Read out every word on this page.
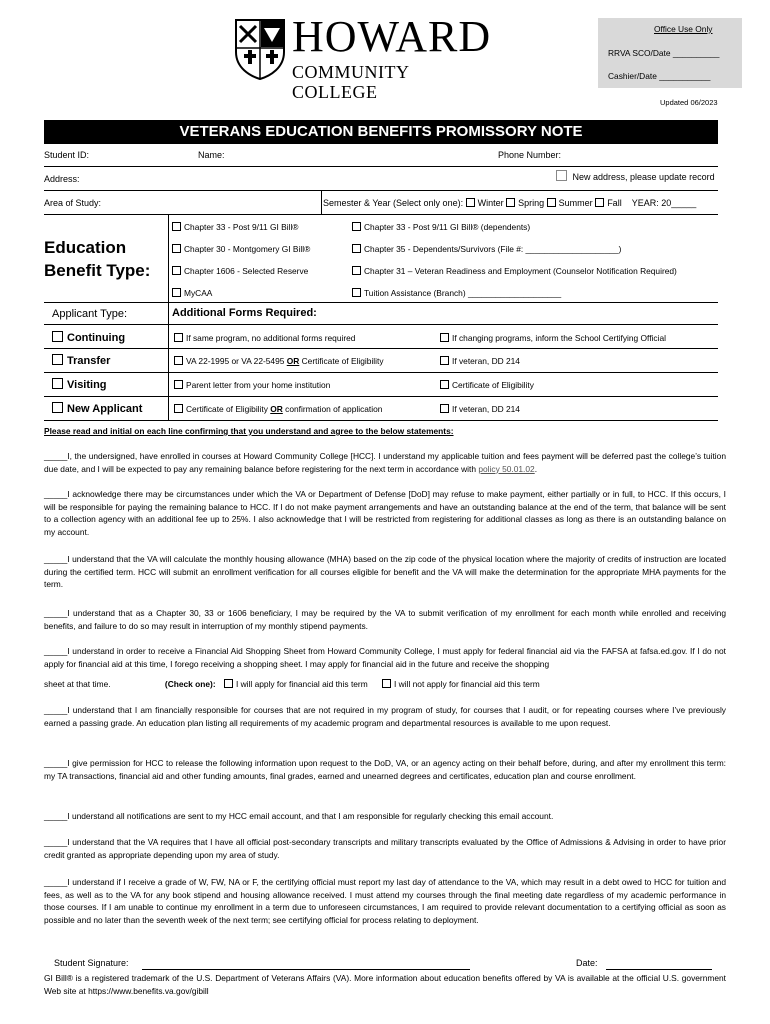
HOWARD
COMMUNITY COLLEGE
Office Use Only
RRVA SCO/Date __________
Cashier/Date ___________
Updated 06/2023
VETERANS EDUCATION BENEFITS PROMISSORY NOTE
Student ID:	Name:	Phone Number:
Address:	New address, please update record
Area of Study:	Semester & Year (Select only one): Winter Spring Summer Fall YEAR: 20_____
Education
Benefit Type:
Chapter 33 - Post 9/11 GI Bill®	Chapter 33 - Post 9/11 GI Bill® (dependents)
Chapter 30 - Montgomery GI Bill®	Chapter 35 - Dependents/Survivors (File #: ____________________)
Chapter 1606 - Selected Reserve	Chapter 31 – Veteran Readiness and Employment (Counselor Notification Required)
MyCAA	Tuition Assistance (Branch) ____________________
Applicant Type:	Additional Forms Required:
Continuing	If same program, no additional forms required	If changing programs, inform the School Certifying Official
Transfer	VA 22-1995 or VA 22-5495 OR Certificate of Eligibility	If veteran, DD 214
Visiting	Parent letter from your home institution	Certificate of Eligibility
New Applicant	Certificate of Eligibility OR confirmation of application	If veteran, DD 214
Please read and initial on each line confirming that you understand and agree to the below statements:
_____I, the undersigned, have enrolled in courses at Howard Community College [HCC]. I understand my applicable tuition and fees payment will be deferred past the college’s tuition due date, and I will be expected to pay any remaining balance before registering for the next term in accordance with policy 50.01.02.
_____I acknowledge there may be circumstances under which the VA or Department of Defense [DoD] may refuse to make payment, either partially or in full, to HCC. If this occurs, I will be responsible for paying the remaining balance to HCC. If I do not make payment arrangements and have an outstanding balance at the end of the term, that balance will be sent to a collection agency with an additional fee up to 25%. I also acknowledge that I will be restricted from registering for additional classes as long as there is an outstanding balance on my account.
_____I understand that the VA will calculate the monthly housing allowance (MHA) based on the zip code of the physical location where the majority of credits of instruction are located during the certified term. HCC will submit an enrollment verification for all courses eligible for benefit and the VA will make the determination for the appropriate MHA payments for the term.
_____I understand that as a Chapter 30, 33 or 1606 beneficiary, I may be required by the VA to submit verification of my enrollment for each month while enrolled and receiving benefits, and failure to do so may result in interruption of my monthly stipend payments.
_____I understand in order to receive a Financial Aid Shopping Sheet from Howard Community College, I must apply for federal financial aid via the FAFSA at fafsa.ed.gov. If I do not apply for financial aid at this time, I forego receiving a shopping sheet. I may apply for financial aid in the future and receive the shopping
sheet at that time.	(Check one): I will apply for financial aid this term	I will not apply for financial aid this term
_____I understand that I am financially responsible for courses that are not required in my program of study, for courses that I audit, or for repeating courses where I’ve previously earned a passing grade. An education plan listing all requirements of my academic program and departmental resources is available to me upon request.
_____I give permission for HCC to release the following information upon request to the DoD, VA, or an agency acting on their behalf before, during, and after my enrollment this term: my TA transactions, financial aid and other funding amounts, final grades, earned and unearned degrees and certificates, education plan and course enrollment.
_____I understand all notifications are sent to my HCC email account, and that I am responsible for regularly checking this email account.
_____I understand that the VA requires that I have all official post-secondary transcripts and military transcripts evaluated by the Office of Admissions & Advising in order to have prior credit granted as appropriate depending upon my area of study.
_____I understand if I receive a grade of W, FW, NA or F, the certifying official must report my last day of attendance to the VA, which may result in a debt owed to HCC for tuition and fees, as well as to the VA for any book stipend and housing allowance received. I must attend my courses through the final meeting date regardless of my academic performance in those courses. If I am unable to continue my enrollment in a term due to unforeseen circumstances, I am required to provide relevant documentation to a certifying official as soon as possible and no later than the seventh week of the next term; see certifying official for process relating to deployment.
Student Signature:	Date:
GI Bill® is a registered trademark of the U.S. Department of Veterans Affairs (VA). More information about education benefits offered by VA is available at the official U.S. government Web site at https://www.benefits.va.gov/gibill
